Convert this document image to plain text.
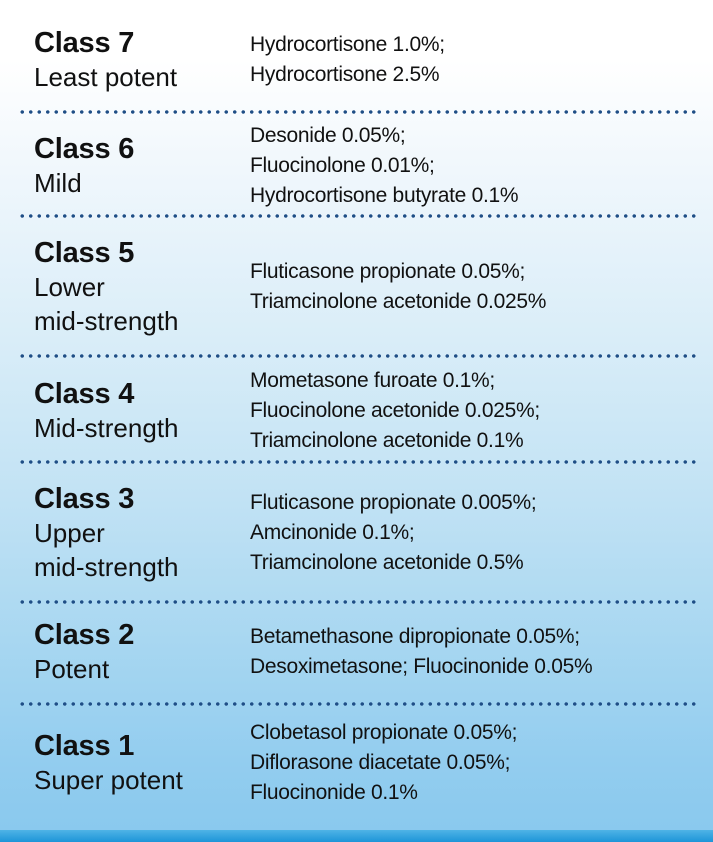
Class 7
Least potent
Hydrocortisone 1.0%;
Hydrocortisone 2.5%
Class 6
Mild
Desonide 0.05%;
Fluocinolone 0.01%;
Hydrocortisone butyrate 0.1%
Class 5
Lower
mid-strength
Fluticasone propionate 0.05%;
Triamcinolone acetonide 0.025%
Class 4
Mid-strength
Mometasone furoate 0.1%;
Fluocinolone acetonide 0.025%;
Triamcinolone acetonide 0.1%
Class 3
Upper
mid-strength
Fluticasone propionate 0.005%;
Amcinonide 0.1%;
Triamcinolone acetonide 0.5%
Class 2
Potent
Betamethasone dipropionate 0.05%;
Desoximetasone; Fluocinonide 0.05%
Class 1
Super potent
Clobetasol propionate 0.05%;
Diflorasone diacetate 0.05%;
Fluocinonide 0.1%
